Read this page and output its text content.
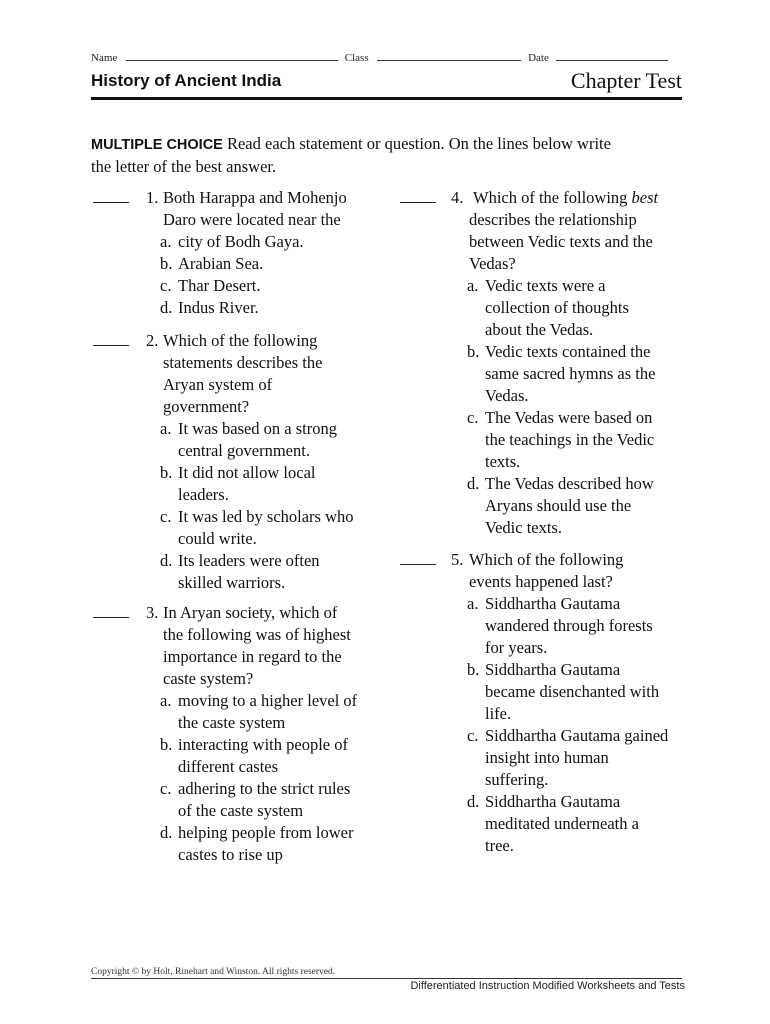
Name	Class	Date
History of Ancient India	Chapter Test
MULTIPLE CHOICE Read each statement or question. On the lines below write
the letter of the best answer.
1. Both Harappa and Mohenjo
Daro were located near the
a. city of Bodh Gaya.
b. Arabian Sea.
c. Thar Desert.
d. Indus River.
2. Which of the following
statements describes the
Aryan system of
government?
a. It was based on a strong
central government.
b. It did not allow local
leaders.
c. It was led by scholars who
could write.
d. Its leaders were often
skilled warriors.
3. In Aryan society, which of
the following was of highest
importance in regard to the
caste system?
a. moving to a higher level of
the caste system
b. interacting with people of
different castes
c. adhering to the strict rules
of the caste system
d. helping people from lower
castes to rise up
4. Which of the following best
describes the relationship
between Vedic texts and the
Vedas?
a. Vedic texts were a
collection of thoughts
about the Vedas.
b. Vedic texts contained the
same sacred hymns as the
Vedas.
c. The Vedas were based on
the teachings in the Vedic
texts.
d. The Vedas described how
Aryans should use the
Vedic texts.
5. Which of the following
events happened last?
a. Siddhartha Gautama
wandered through forests
for years.
b. Siddhartha Gautama
became disenchanted with
life.
c. Siddhartha Gautama gained
insight into human
suffering.
d. Siddhartha Gautama
meditated underneath a
tree.
Copyright © by Holt, Rinehart and Winston. All rights reserved.
Differentiated Instruction Modified Worksheets and Tests
